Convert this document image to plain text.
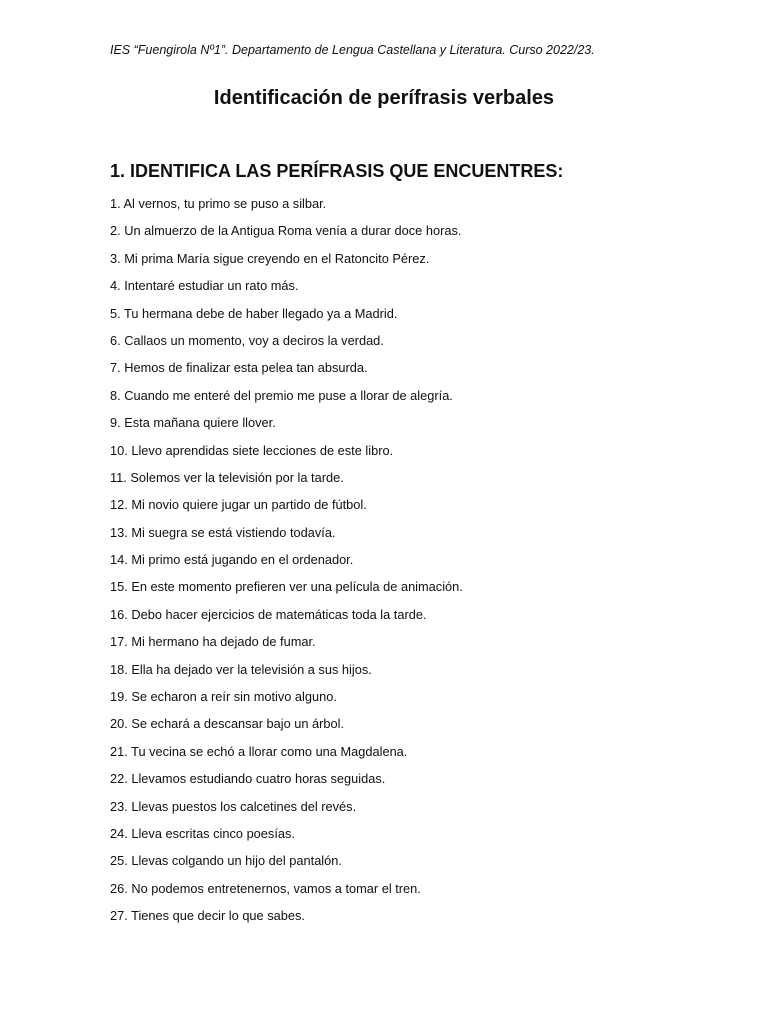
IES “Fuengirola Nº1”. Departamento de Lengua Castellana y Literatura. Curso 2022/23.
Identificación de perífrasis verbales
1. IDENTIFICA LAS PERÍFRASIS QUE ENCUENTRES:
1. Al vernos, tu primo se puso a silbar.
2. Un almuerzo de la Antigua Roma venía a durar doce horas.
3. Mi prima María sigue creyendo en el Ratoncito Pérez.
4. Intentaré estudiar un rato más.
5. Tu hermana debe de haber llegado ya a Madrid.
6. Callaos un momento, voy a deciros la verdad.
7. Hemos de finalizar esta pelea tan absurda.
8. Cuando me enteré del premio me puse a llorar de alegría.
9. Esta mañana quiere llover.
10. Llevo aprendidas siete lecciones de este libro.
11. Solemos ver la televisión por la tarde.
12. Mi novio quiere jugar un partido de fútbol.
13. Mi suegra se está vistiendo todavía.
14. Mi primo está jugando en el ordenador.
15. En este momento prefieren ver una película de animación.
16. Debo hacer ejercicios de matemáticas toda la tarde.
17. Mi hermano ha dejado de fumar.
18. Ella ha dejado ver la televisión a sus hijos.
19. Se echaron a reír sin motivo alguno.
20. Se echará a descansar bajo un árbol.
21. Tu vecina se echó a llorar como una Magdalena.
22. Llevamos estudiando cuatro horas seguidas.
23. Llevas puestos los calcetines del revés.
24. Lleva escritas cinco poesías.
25. Llevas colgando un hijo del pantalón.
26. No podemos entretenernos, vamos a tomar el tren.
27. Tienes que decir lo que sabes.
